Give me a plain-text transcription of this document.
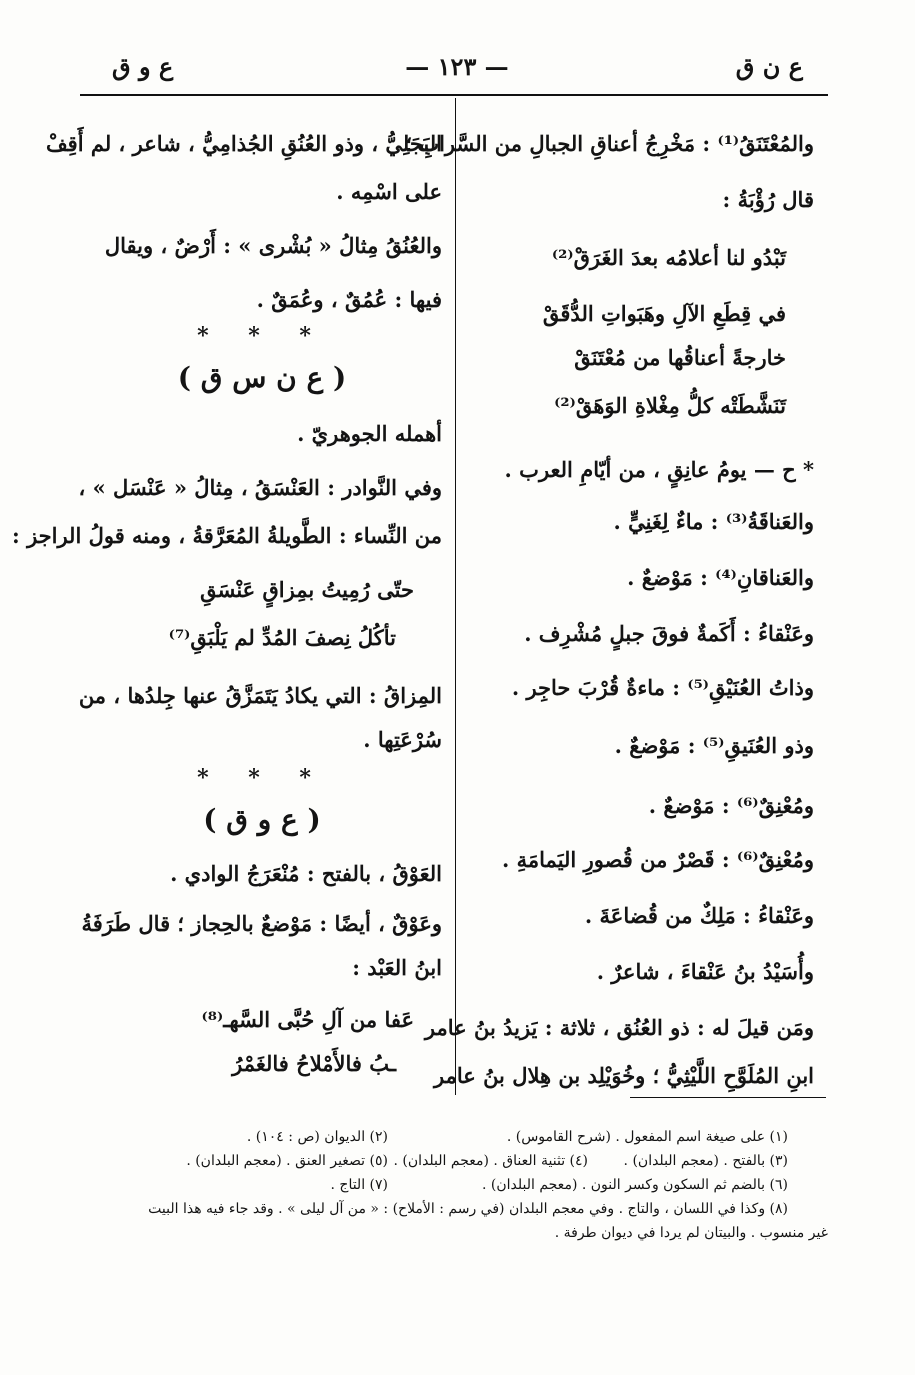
ع ن ق
— ١٢٣ —
ع و ق
والمُعْتَنَقُ⁽¹⁾ : مَخْرِجُ أعناقِ الجبالِ من السَّرابِ ؛
قال رُؤْبَةُ :
تَبْدُو لنا أعلامُه بعدَ الغَرَقْ⁽²⁾
في قِطَعِ الآلِ وهَبَواتِ الدُّقَقْ
خارجةً أعناقُها من مُعْتَنَقْ
تَنَشَّطَتْه كلُّ مِغْلاةِ الوَهَقْ⁽²⁾
* ح — يومُ عانِقٍ ، من أيّامِ العرب .
والعَناقَةُ⁽³⁾ : ماءٌ لِغَنِيٍّ .
والعَناقانِ⁽⁴⁾ : مَوْضعٌ .
وعَنْقاءُ : أَكَمةٌ فوقَ جبلٍ مُشْرِف .
وذاتُ العُنَيْقِ⁽⁵⁾ : ماءةٌ قُرْبَ حاجِر .
وذو العُنَيقِ⁽⁵⁾ : مَوْضعٌ .
ومُعْنِقٌ⁽⁶⁾ : مَوْضعٌ .
ومُعْنِقٌ⁽⁶⁾ : قَصْرٌ من قُصورِ اليَمامَةِ .
وعَنْقاءُ : مَلِكٌ من قُضاعَةَ .
وأُسَيْدُ بنُ عَنْقاءَ ، شاعرٌ .
ومَن قيلَ له : ذو العُنُق ، ثلاثة : يَزيدُ بنُ عامر
ابنِ المُلَوَّحِ اللَّيْثِيُّ ؛ وخُوَيْلِد بن هِلال بنُ عامر
البَجَلِيُّ ، وذو العُنُقِ الجُذامِيُّ ، شاعر ، لم أَقِفْ
على اسْمِه .
والعُنُقُ مِثالُ « بُشْرى » : أَرْضٌ ، ويقال
فيها : عُمُقٌ ، وعُمَقٌ .
* * *
( ع ن س ق )
أهمله الجوهريّ .
وفي النَّوادر : العَنْسَقُ ، مِثالُ « عَنْسَل » ،
من النِّساء : الطَّويلةُ المُعَرَّقةُ ، ومنه قولُ الراجز :
حتّى رُمِيتُ بمِزاقٍ عَنْسَقِ
تأكُلُ نِصفَ المُدِّ لم يَلْبَقِ⁽⁷⁾
المِزاقُ : التي يكادُ يَتَمَزَّقُ عنها جِلدُها ، من
سُرْعَتِها .
* * *
( ع و ق )
العَوْقُ ، بالفتح : مُنْعَرَجُ الوادي .
وعَوْقٌ ، أيضًا : مَوْضعٌ بالحِجاز ؛ قال طَرَفَةُ
ابنُ العَبْد :
عَفا من آلِ حُبَّى السَّهـ⁽⁸⁾
ـبُ فالأَمْلاحُ فالغَمْرُ
(١) على صيغة اسم المفعول . (شرح القاموس) .
(٢) الديوان (ص : ١٠٤) .
(٣) بالفتح . (معجم البلدان) .
(٤) تثنية العناق . (معجم البلدان) .
(٥) تصغير العنق . (معجم البلدان) .
(٦) بالضم ثم السكون وكسر النون . (معجم البلدان) .
(٧) التاج .
(٨) وكذا في اللسان ، والتاج . وفي معجم البلدان (في رسم : الأملاح) : « من آل ليلى » . وقد جاء فيه هذا البيت
غير منسوب . والبيتان لم يردا في ديوان طرفة .
